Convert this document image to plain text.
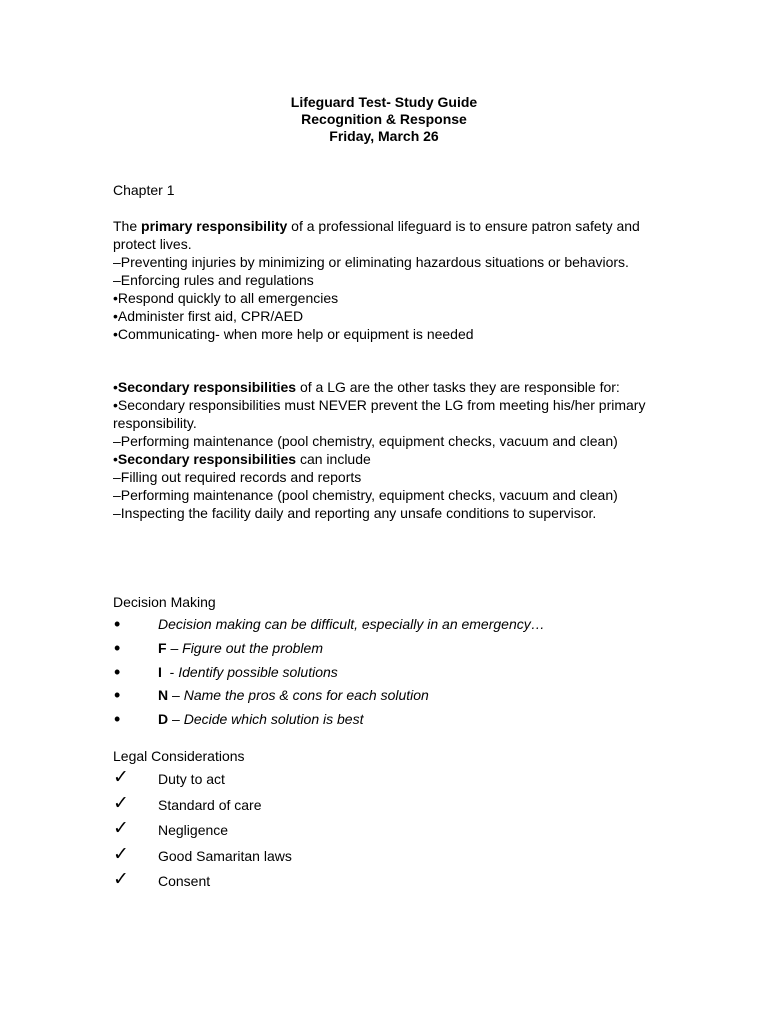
Lifeguard Test- Study Guide
Recognition & Response
Friday, March 26

Chapter 1

The primary responsibility of a professional lifeguard is to ensure patron safety and protect lives.

–Preventing injuries by minimizing or eliminating hazardous situations or behaviors.

–Enforcing rules and regulations

•Respond quickly to all emergencies

•Administer first aid, CPR/AED

•Communicating- when more help or equipment is needed

•Secondary responsibilities of a LG are the other tasks they are responsible for:

•Secondary responsibilities must NEVER prevent the LG from meeting his/her primary responsibility.

–Performing maintenance (pool chemistry, equipment checks, vacuum and clean)

•Secondary responsibilities can include

–Filling out required records and reports

–Performing maintenance (pool chemistry, equipment checks, vacuum and clean)

–Inspecting the facility daily and reporting any unsafe conditions to supervisor.

Decision Making

•	Decision making can be difficult, especially in an emergency…
•	F – Figure out the problem
•	I  - Identify possible solutions
•	N – Name the pros & cons for each solution
•	D – Decide which solution is best

Legal Considerations

✓ Duty to act
✓ Standard of care
✓ Negligence
✓ Good Samaritan laws
✓ Consent
